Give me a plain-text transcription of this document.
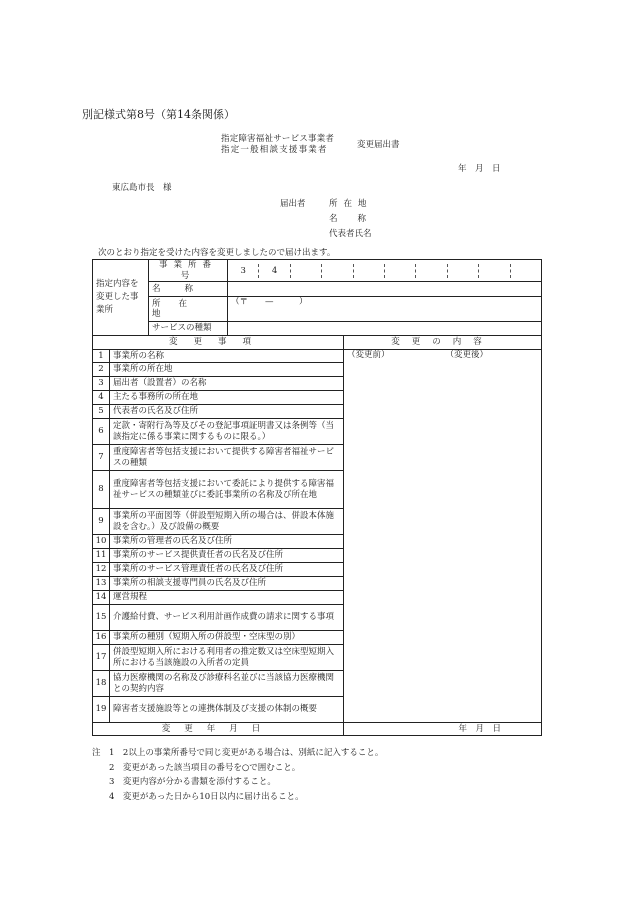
別記様式第8号（第14条関係）
指定障害福祉サービス事業者
指定一般相談支援事業者	変更届出書
年　月　日
東広島市長　様
届出者	所在地
名称
代表者氏名
次のとおり指定を受けた内容を変更しましたので届け出ます。
指定内容を変更した事業所		事業所番号	3 4		

		名称			
		所在地	（〒　　—　　　）		
		サービスの種類			
変更事項				変更の内容	
1	事業所の名称			（変更前）	（変更後）
2	事業所の所在地				
3	届出者（設置者）の名称				
4	主たる事務所の所在地				
5	代表者の氏名及び住所				
6	定款・寄附行為等及びその登記事項証明書又は条例等（当該指定に係る事業に関するものに限る。）				
7	重度障害者等包括支援において提供する障害者福祉サービスの種類				
8	重度障害者等包括支援において委託により提供する障害福祉サービスの種類並びに委託事業所の名称及び所在地				
9	事業所の平面図等（併設型短期入所の場合は、併設本体施設を含む。）及び設備の概要				
10	事業所の管理者の氏名及び住所				
11	事業所のサービス提供責任者の氏名及び住所				
12	事業所のサービス管理責任者の氏名及び住所				
13	事業所の相談支援専門員の氏名及び住所				
14	運営規程				
15	介護給付費、サービス利用計画作成費の請求に関する事項				
16	事業所の種別（短期入所の併設型・空床型の別）				
17	併設型短期入所における利用者の推定数又は空床型短期入所における当該施設の入所者の定員				
18	協力医療機関の名称及び診療科名並びに当該協力医療機関との契約内容				
19	障害者支援施設等との連携体制及び支援の体制の概要				
変更年月日				年　月　日	
注　1　2以上の事業所番号で同じ変更がある場合は、別紙に記入すること。
　　2　変更があった該当項目の番号を○で囲むこと。
　　3　変更内容が分かる書類を添付すること。
　　4　変更があった日から10日以内に届け出ること。
